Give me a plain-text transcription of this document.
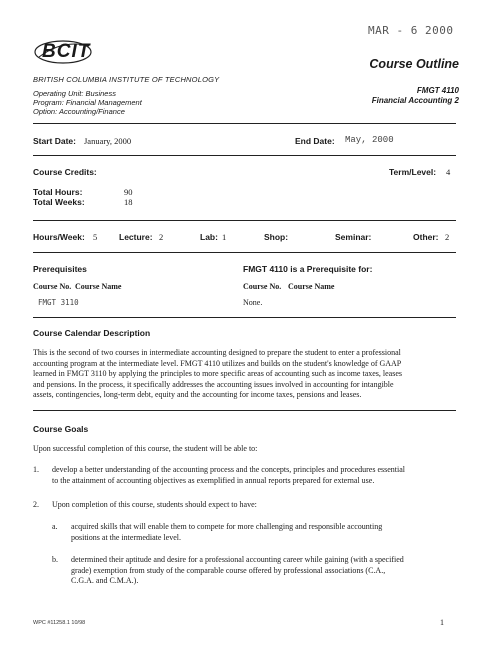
MAR - 6 2000
BCIT
BRITISH COLUMBIA INSTITUTE OF TECHNOLOGY
Operating Unit: Business
Program: Financial Management
Option: Accounting/Finance
Course Outline
FMGT 4110
Financial Accounting 2
Start Date: January, 2000	End Date: May, 2000
Course Credits:	Term/Level: 4
Total Hours:	90
Total Weeks:	18
Hours/Week: 5	Lecture: 2	Lab: 1	Shop:	Seminar:	Other: 2
Prerequisites
Course No. Course Name
FMGT 3110
FMGT 4110 is a Prerequisite for:
Course No. Course Name
None.
Course Calendar Description
This is the second of two courses in intermediate accounting designed to prepare the student to enter a professional
accounting program at the intermediate level. FMGT 4110 utilizes and builds on the student's knowledge of GAAP
learned in FMGT 3110 by applying the principles to more specific areas of accounting such as income taxes, leases
and pensions. In the process, it specifically addresses the accounting issues involved in accounting for intangible
assets, contingencies, long-term debt, equity and the accounting for income taxes, pensions and leases.
Course Goals
Upon successful completion of this course, the student will be able to:
1. develop a better understanding of the accounting process and the concepts, principles and procedures essential
to the attainment of accounting objectives as exemplified in annual reports prepared for external use.
2. Upon completion of this course, students should expect to have:
a. acquired skills that will enable them to compete for more challenging and responsible accounting
positions at the intermediate level.
b. determined their aptitude and desire for a professional accounting career while gaining (with a specified
grade) exemption from study of the comparable course offered by professional associations (C.A.,
C.G.A. and C.M.A.).
WPC #11258.1 10/98	1
